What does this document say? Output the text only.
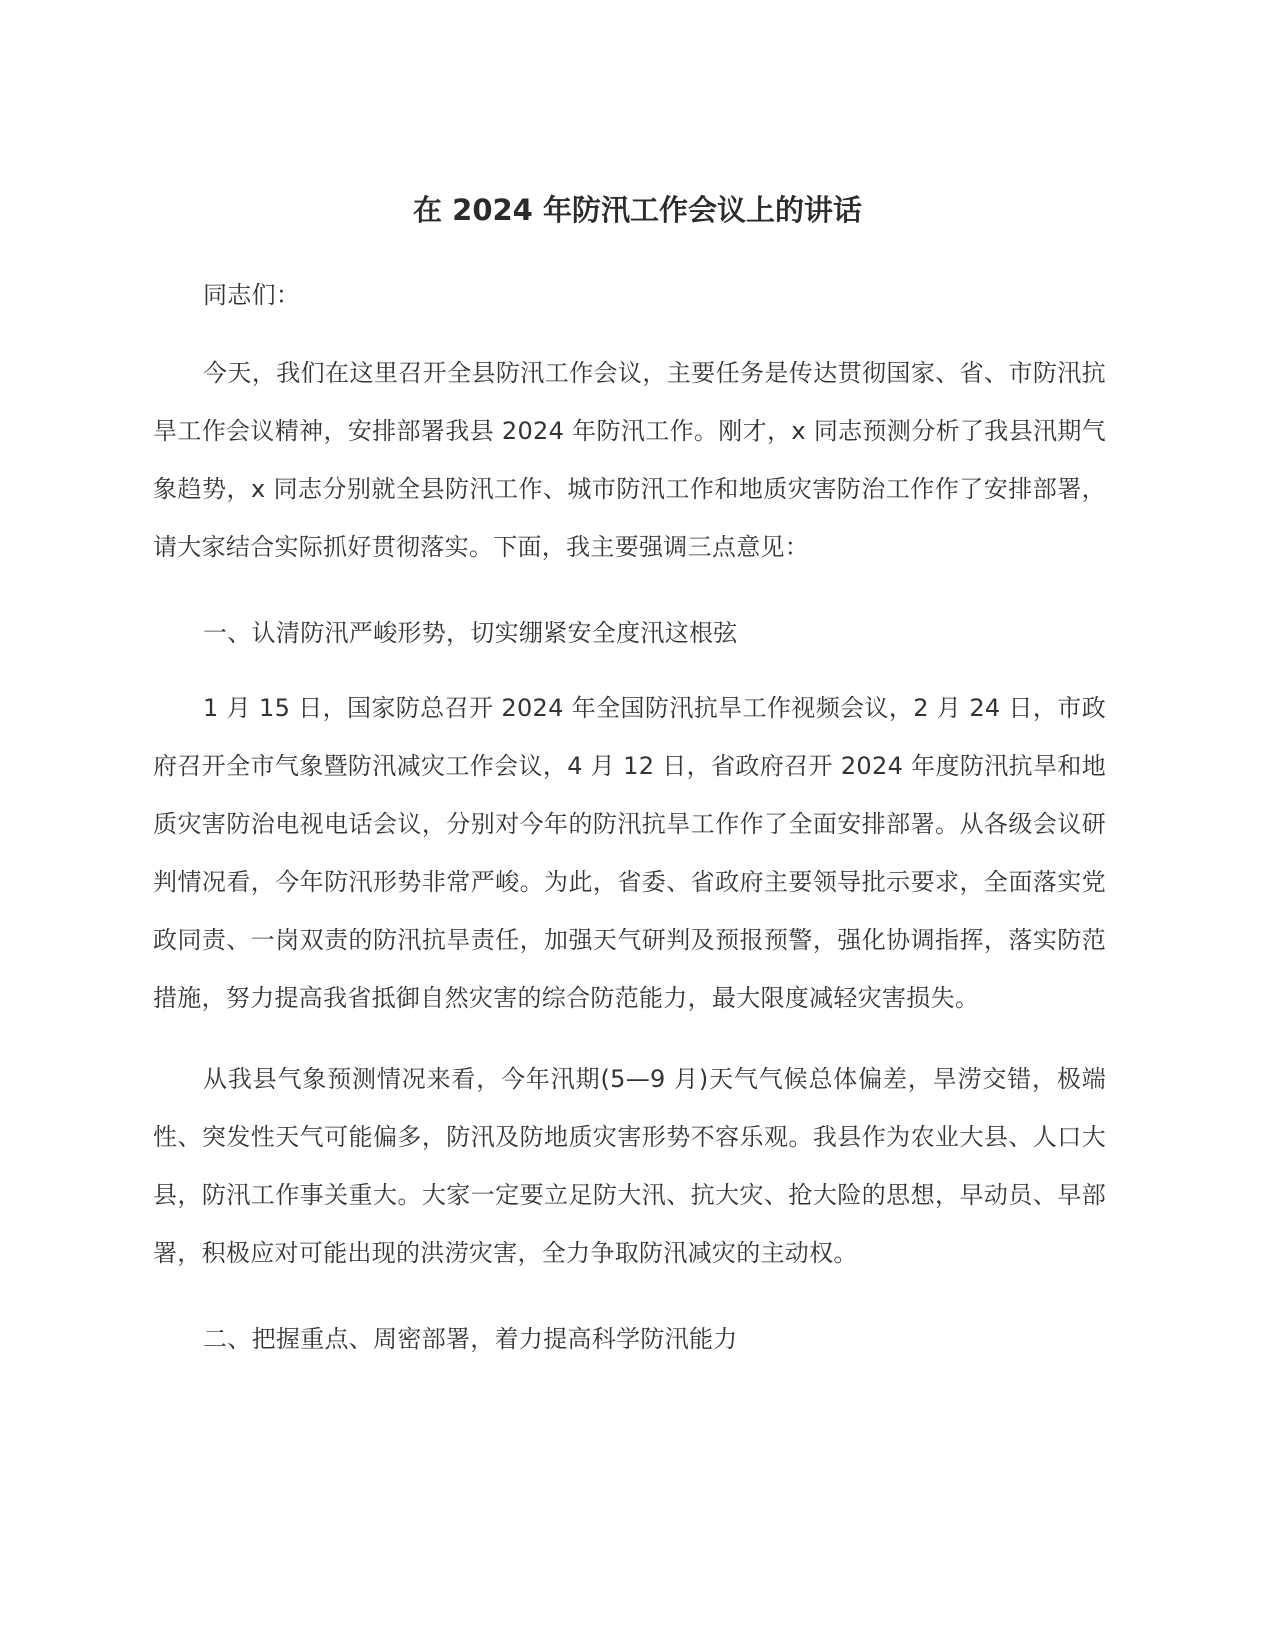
在 2024 年防汛工作会议上的讲话

同志们：

今天，我们在这里召开全县防汛工作会议，主要任务是传达贯彻国家、省、市防汛抗旱工作会议精神，安排部署我县 2024 年防汛工作。刚才，x 同志预测分析了我县汛期气象趋势，x 同志分别就全县防汛工作、城市防汛工作和地质灾害防治工作作了安排部署，请大家结合实际抓好贯彻落实。下面，我主要强调三点意见：

一、认清防汛严峻形势，切实绷紧安全度汛这根弦

1 月 15 日，国家防总召开 2024 年全国防汛抗旱工作视频会议，2 月 24 日，市政府召开全市气象暨防汛减灾工作会议，4 月 12 日，省政府召开 2024 年度防汛抗旱和地质灾害防治电视电话会议，分别对今年的防汛抗旱工作作了全面安排部署。从各级会议研判情况看，今年防汛形势非常严峻。为此，省委、省政府主要领导批示要求，全面落实党政同责、一岗双责的防汛抗旱责任，加强天气研判及预报预警，强化协调指挥，落实防范措施，努力提高我省抵御自然灾害的综合防范能力，最大限度减轻灾害损失。

从我县气象预测情况来看，今年汛期(5—9 月)天气气候总体偏差，旱涝交错，极端性、突发性天气可能偏多，防汛及防地质灾害形势不容乐观。我县作为农业大县、人口大县，防汛工作事关重大。大家一定要立足防大汛、抗大灾、抢大险的思想，早动员、早部署，积极应对可能出现的洪涝灾害，全力争取防汛减灾的主动权。

二、把握重点、周密部署，着力提高科学防汛能力
